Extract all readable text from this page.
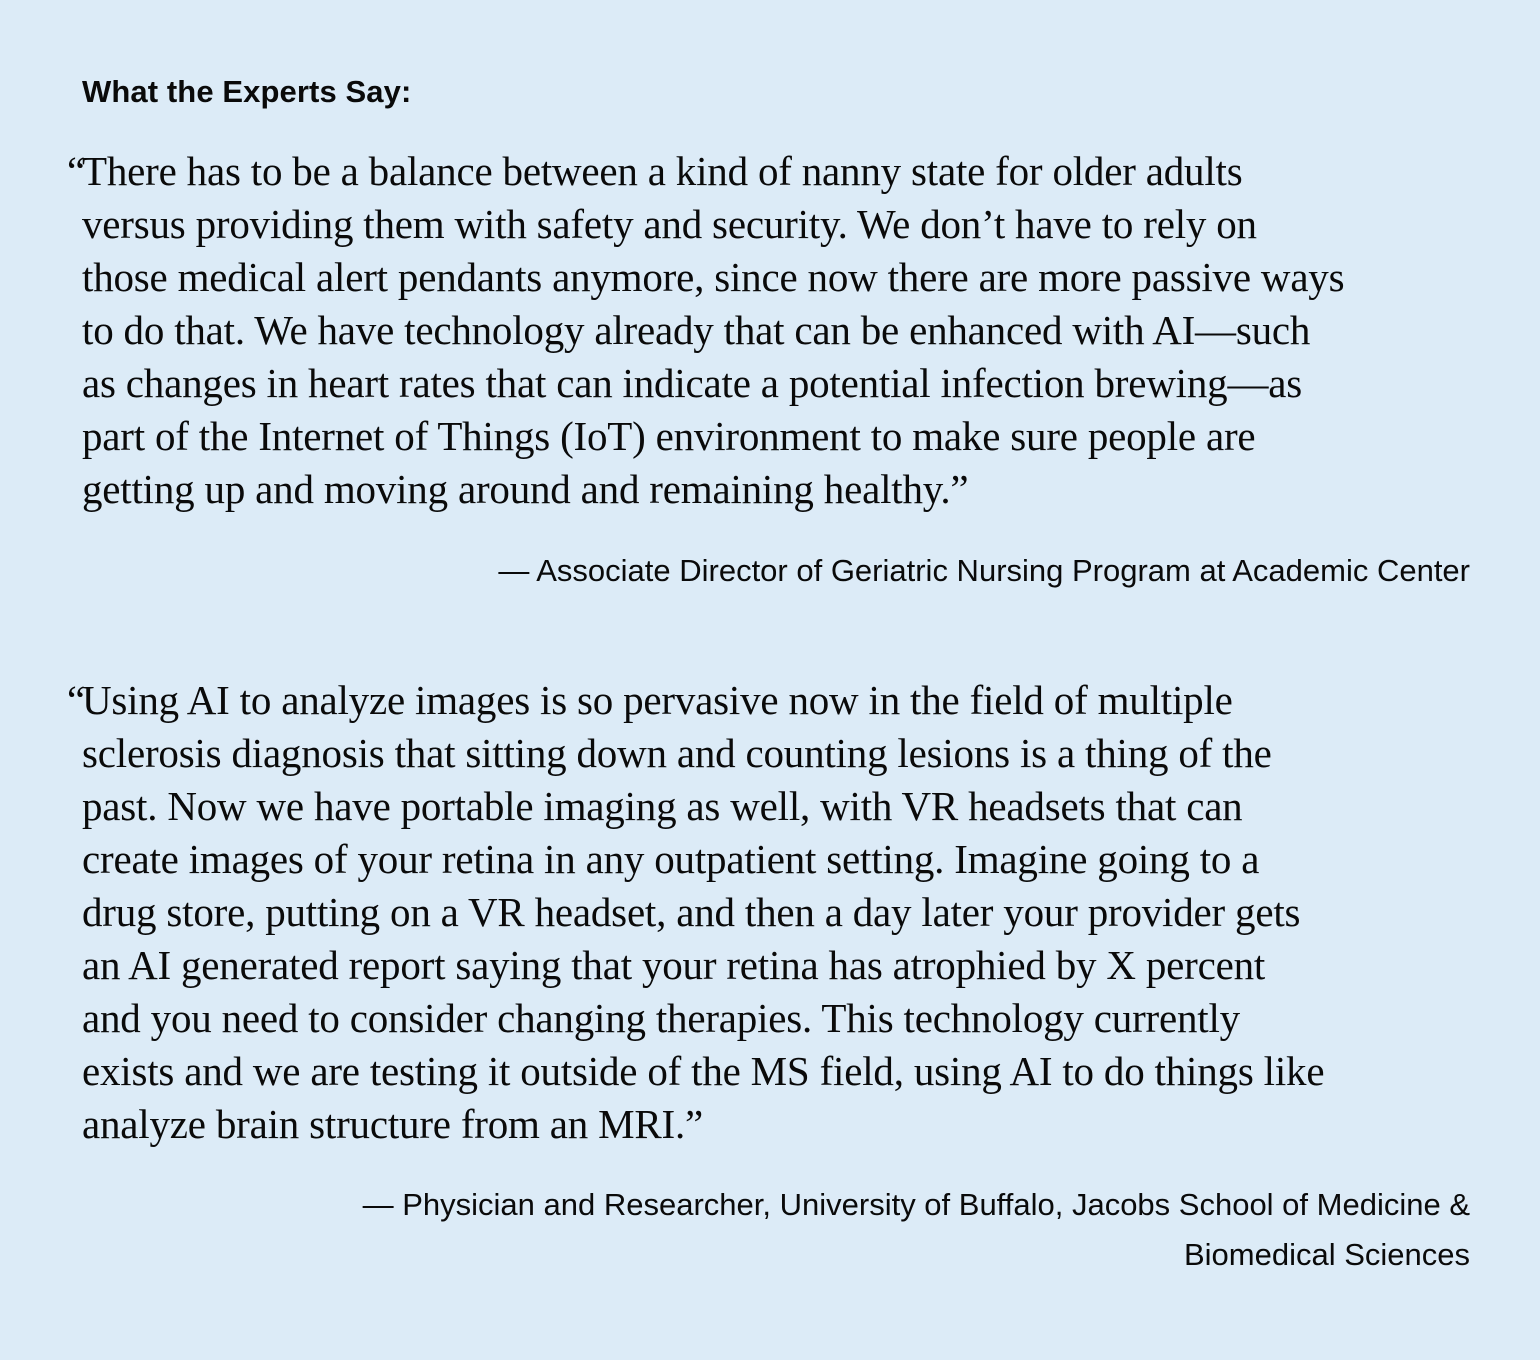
What the Experts Say:
“
There has to be a balance between a kind of nanny state for older adults
versus providing them with safety and security. We don’t have to rely on
those medical alert pendants anymore, since now there are more passive ways
to do that. We have technology already that can be enhanced with AI—such
as changes in heart rates that can indicate a potential infection brewing—as
part of the Internet of Things (IoT) environment to make sure people are
getting up and moving around and remaining healthy.”

— Associate Director of Geriatric Nursing Program at Academic Center

“
Using AI to analyze images is so pervasive now in the field of multiple
sclerosis diagnosis that sitting down and counting lesions is a thing of the
past. Now we have portable imaging as well, with VR headsets that can
create images of your retina in any outpatient setting. Imagine going to a
drug store, putting on a VR headset, and then a day later your provider gets
an AI generated report saying that your retina has atrophied by X percent
and you need to consider changing therapies. This technology currently
exists and we are testing it outside of the MS field, using AI to do things like
analyze brain structure from an MRI.”

— Physician and Researcher, University of Buffalo, Jacobs School of Medicine &
Biomedical Sciences
